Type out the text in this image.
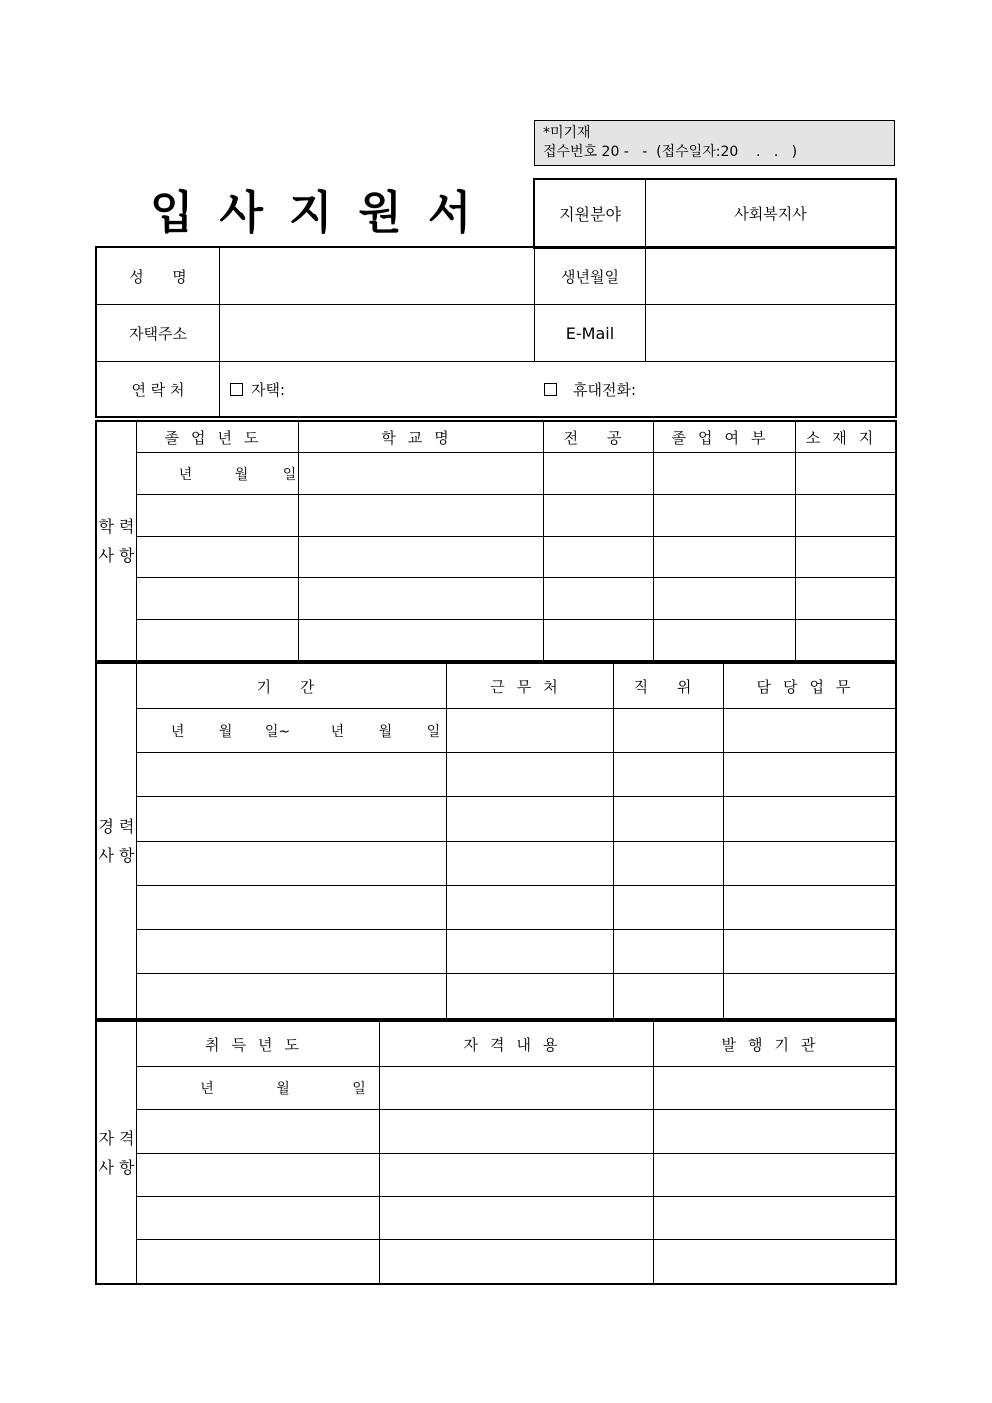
*미기재
접수번호 20 -   -  (접수일자:20    .   .   )
입사지원서	지원분야	사회복지사
성      명		생년월일	
자택주소		E-Mail	
연 락 처	자택: 휴대전화:		
학 력 사 항	졸업년도	학교명	전 공	졸업여부	소재지
	년 월 일				

경 력 사 항	기 간	근무처	직 위	담당업무
	년 월 일~ 년 월 일			

자 격 사 항	취득년도	자격내용	발행기관
	년 월 일		
